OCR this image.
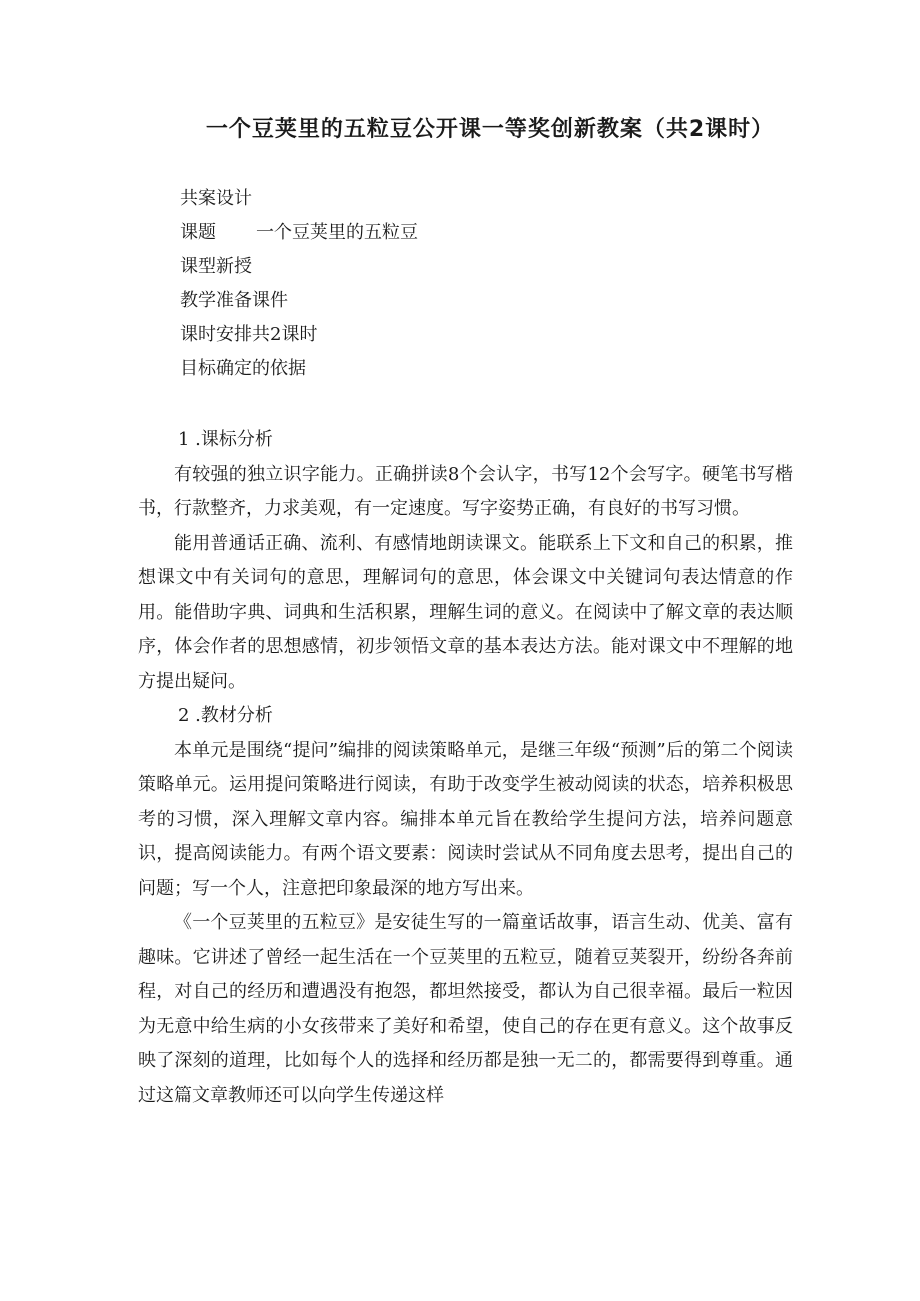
一个豆荚里的五粒豆公开课一等奖创新教案（共2课时）
共案设计
课题 一个豆荚里的五粒豆
课型新授
教学准备课件
课时安排共2课时
目标确定的依据

1 .课标分析

有较强的独立识字能力。正确拼读8个会认字，书写12个会写字。硬笔书写楷书，行款整齐，力求美观，有一定速度。写字姿势正确，有良好的书写习惯。

能用普通话正确、流利、有感情地朗读课文。能联系上下文和自己的积累，推想课文中有关词句的意思，理解词句的意思，体会课文中关键词句表达情意的作用。能借助字典、词典和生活积累，理解生词的意义。在阅读中了解文章的表达顺序，体会作者的思想感情，初步领悟文章的基本表达方法。能对课文中不理解的地方提出疑问。

2 .教材分析

本单元是围绕“提问”编排的阅读策略单元，是继三年级“预测”后的第二个阅读策略单元。运用提问策略进行阅读，有助于改变学生被动阅读的状态，培养积极思考的习惯，深入理解文章内容。编排本单元旨在教给学生提问方法，培养问题意识，提高阅读能力。有两个语文要素：阅读时尝试从不同角度去思考，提出自己的问题；写一个人，注意把印象最深的地方写出来。

《一个豆荚里的五粒豆》是安徒生写的一篇童话故事，语言生动、优美、富有趣味。它讲述了曾经一起生活在一个豆荚里的五粒豆，随着豆荚裂开，纷纷各奔前程，对自己的经历和遭遇没有抱怨，都坦然接受，都认为自己很幸福。最后一粒因为无意中给生病的小女孩带来了美好和希望，使自己的存在更有意义。这个故事反映了深刻的道理，比如每个人的选择和经历都是独一无二的，都需要得到尊重。通过这篇文章教师还可以向学生传递这样
